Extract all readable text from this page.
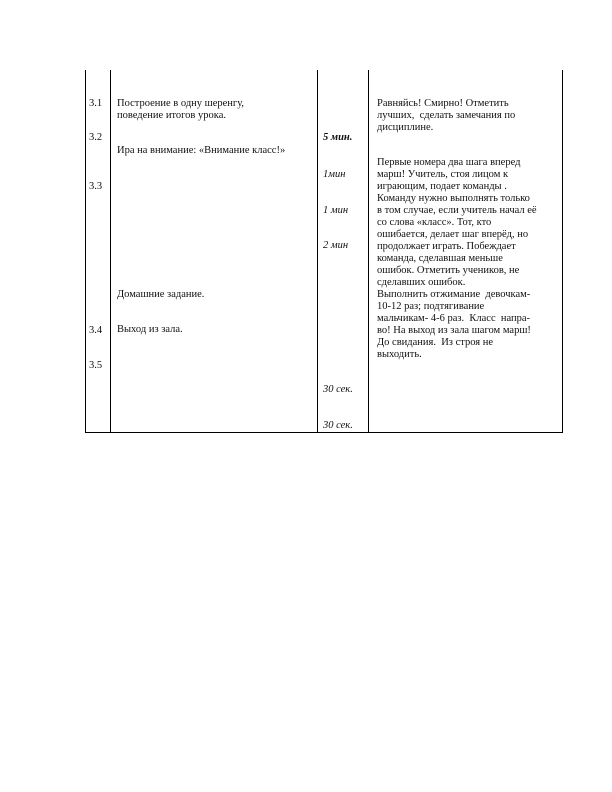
3.1
3.2
3.3
3.4
3.5
Построение в одну шеренгу,
поведение итогов урока.
Ира на внимание: «Внимание класс!»
Домашние задание.
Выход из зала.
5 мин.
1мин
1 мин
2 мин
30 сек.
30 сек.
Равняйсь! Смирно! Отметить
лучших,  сделать замечания по
дисциплине.
Первые номера два шага вперед
марш! Учитель, стоя лицом к
играющим, подает команды .
Команду нужно выполнять только
в том случае, если учитель начал её
со слова «класс». Тот, кто
ошибается, делает шаг вперёд, но
продолжает играть. Побеждает
команда, сделавшая меньше
ошибок. Отметить учеников, не
сделавших ошибок.
Выполнить отжимание  девочкам-
10-12 раз; подтягивание
мальчикам- 4-6 раз.  Класс  напра-
во! На выход из зала шагом марш!
До свидания.  Из строя не
выходить.
